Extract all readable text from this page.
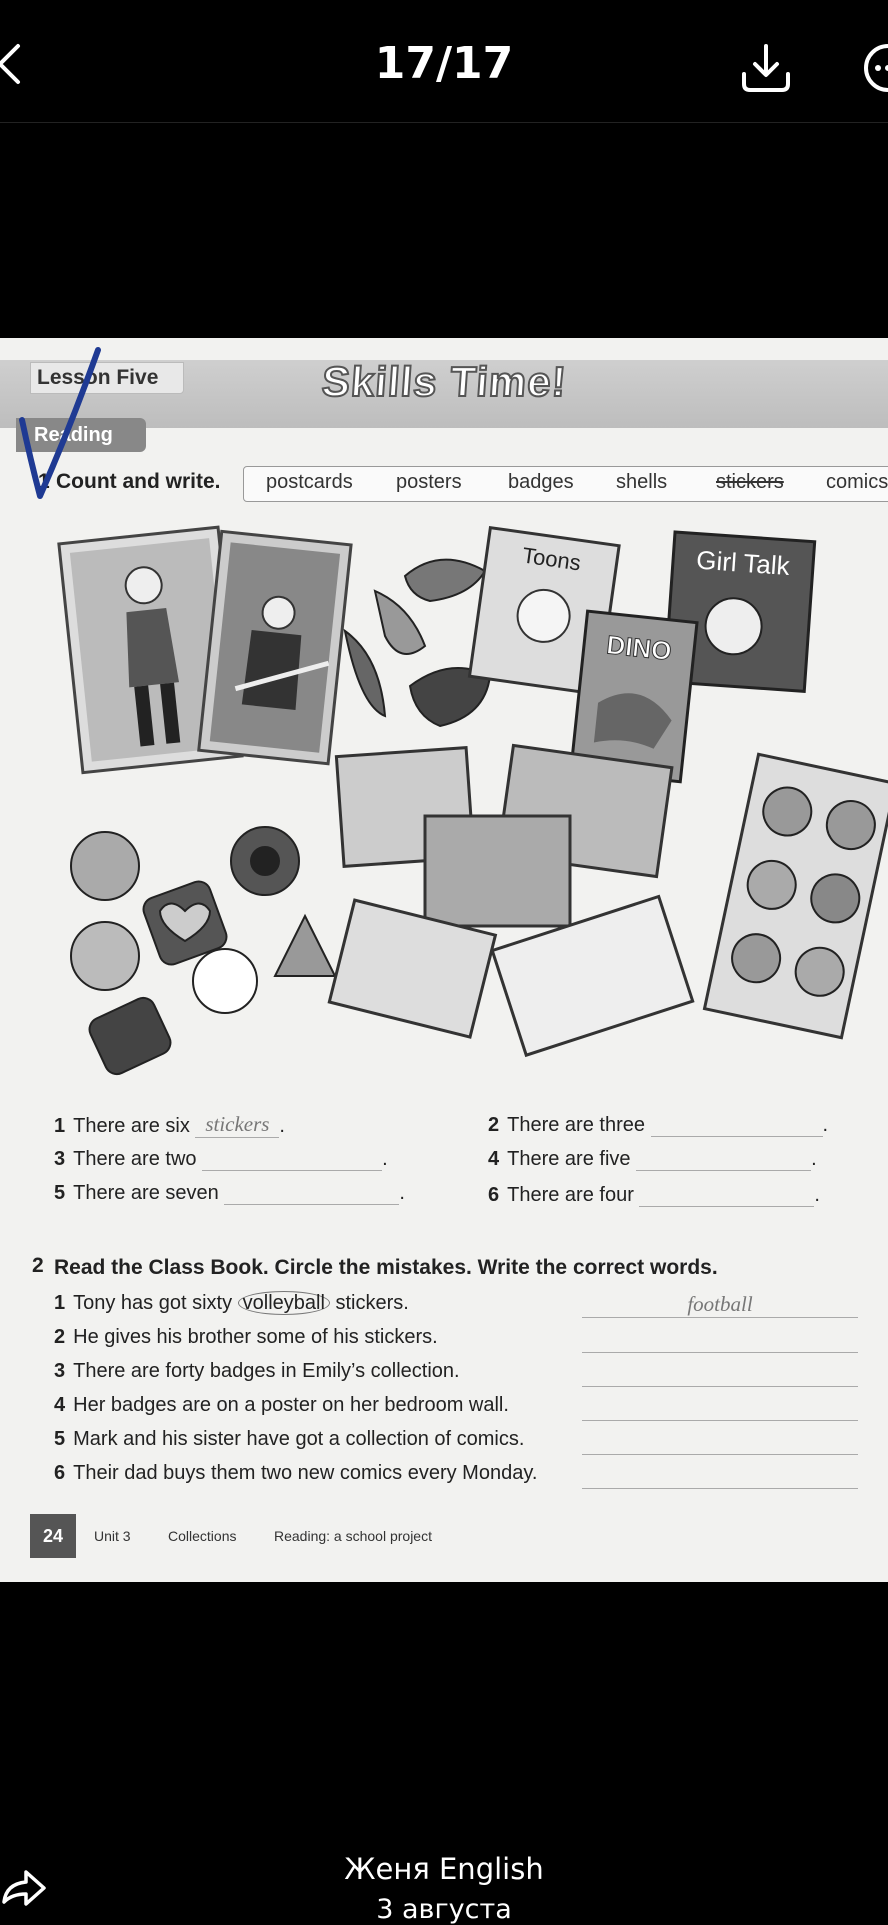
17/17
Lesson Five	Skills Time!
Reading
1 Count and write. postcards posters badges shells stickers comics
Toons	Girl Talk
DINO
1 There are six stickers .	2 There are three	.
3 There are two	.	4 There are five	.
5 There are seven	.	6 There are four	.
2 Read the Class Book. Circle the mistakes. Write the correct words.
1 Tony has got sixty volleyball stickers.	football
2 He gives his brother some of his stickers.
3 There are forty badges in Emily’s collection.
4 Her badges are on a poster on her bedroom wall.
5 Mark and his sister have got a collection of comics.
6 Their dad buys them two new comics every Monday.
24	Unit 3	Collections	Reading: a school project
Женя English
3 августа
